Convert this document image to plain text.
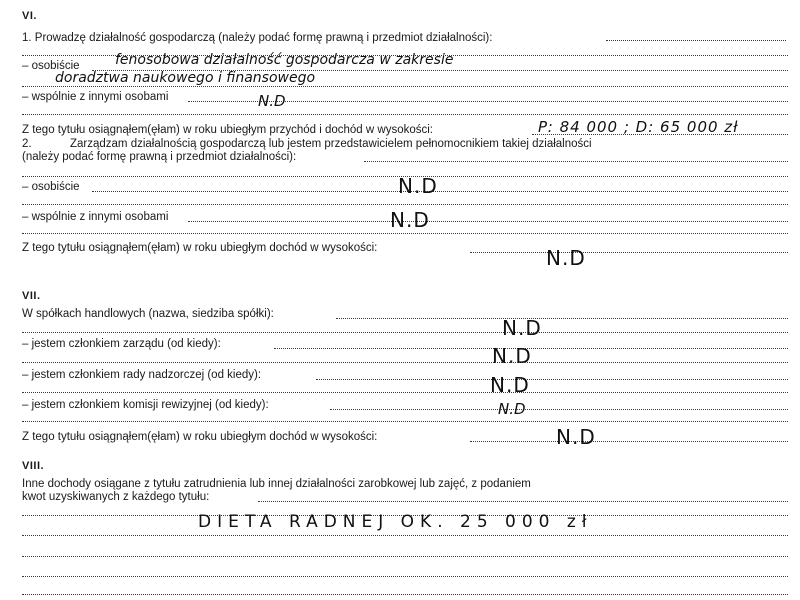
VI.
1. Prowadzę działalność gospodarczą (należy podać formę prawną i przedmiot działalności):
– osobiście	fenosobowa działalność gospodarcza w zakresie
doradztwa naukowego i finansowego
– wspólnie z innymi osobami	N.D
Z tego tytułu osiągnąłem(ęłam) w roku ubiegłym przychód i dochód w wysokości:	P: 84 000 ; D: 65 000 zł
2.	Zarządzam działalnością gospodarczą lub jestem przedstawicielem pełnomocnikiem takiej działalności
(należy podać formę prawną i przedmiot działalności):
– osobiście	N.D
– wspólnie z innymi osobami	N.D
Z tego tytułu osiągnąłem(ęłam) w roku ubiegłym dochód w wysokości:	N.D
VII.
W spółkach handlowych (nazwa, siedziba spółki):
N.D
– jestem członkiem zarządu (od kiedy):	N.D
– jestem członkiem rady nadzorczej (od kiedy):	N.D
– jestem członkiem komisji rewizyjnej (od kiedy):	N.D
Z tego tytułu osiągnąłem(ęłam) w roku ubiegłym dochód w wysokości:	N.D
VIII.
Inne dochody osiągane z tytułu zatrudnienia lub innej działalności zarobkowej lub zajęć, z podaniem
kwot uzyskiwanych z każdego tytułu:
DIETA RADNEJ OK. 25 000 zł
